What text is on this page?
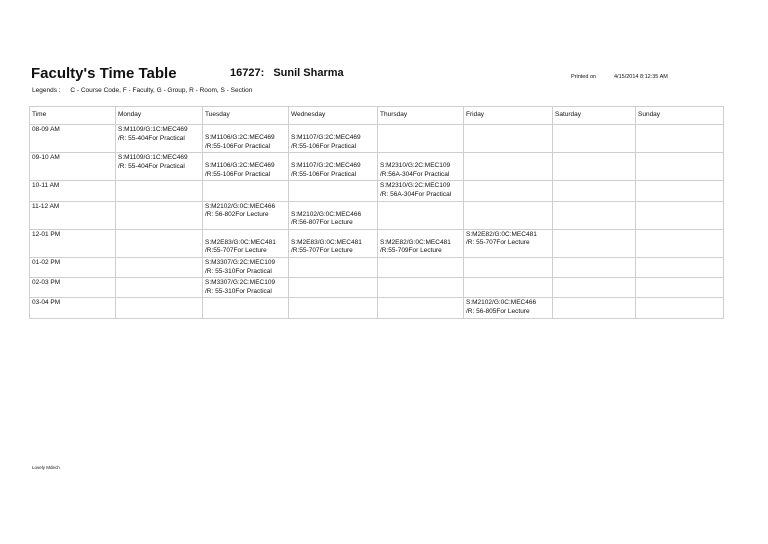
Faculty's Time Table	16727: Sunil Sharma	Printed on	4/15/2014 8:12:35 AM
Legends : C - Course Code, F - Faculty, G - Group, R - Room, S - Section
Time	Monday	Tuesday	Wednesday	Thursday	Friday	Saturday	Sunday
08-09 AM	S:M1109/G:1C:MEC469
/R: 55-404For Practical	S:M1106/G:2C:MEC469
/R:55-106For Practical	S:M1107/G:2C:MEC469
/R:55-106For Practical				

09-10 AM	S:M1109/G:1C:MEC469
/R: 55-404For Practical	S:M1106/G:2C:MEC469
/R:55-106For Practical	S:M1107/G:2C:MEC469
/R:55-106For Practical	S:M2310/G:2C:MEC109
/R:56A-304For Practical			

10-11 AM				S:M2310/G:2C:MEC109
/R: 56A-304For Practical			

11-12 AM		S:M2102/G:0C:MEC466
/R: 56-802For Lecture	S:M2102/G:0C:MEC466
/R:56-807For Lecture				

12-01 PM		S:M2E83/G:0C:MEC481
/R:55-707For Lecture	S:M2E83/G:0C:MEC481
/R:55-707For Lecture	S:M2E82/G:0C:MEC481
/R:55-709For Lecture	S:M2E82/G:0C:MEC481
/R: 55-707For Lecture		

01-02 PM		S:M3307/G:2C:MEC109
/R: 55-310For Practical					

02-03 PM		S:M3307/G:2C:MEC109
/R: 55-310For Practical					

03-04 PM					S:M2102/G:0C:MEC466
/R: 56-805For Lecture		

Lovely Mdech
